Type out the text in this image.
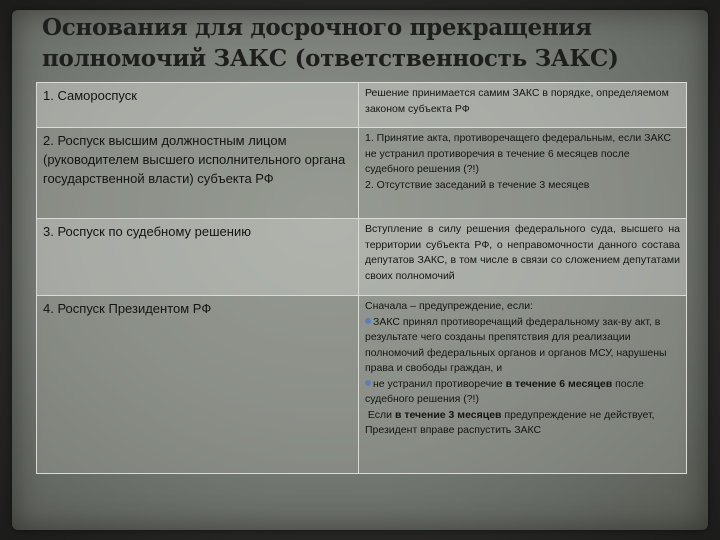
Основания для досрочного прекращения полномочий ЗАКС (ответственность ЗАКС)
1. Самороспуск	Решение принимается самим ЗАКС в порядке, определяемом законом субъекта РФ
2. Роспуск высшим должностным лицом (руководителем высшего исполнительного органа государственной власти) субъекта РФ	1. Принятие акта, противоречащего федеральным, если ЗАКС не устранил противоречия в течение 6 месяцев после судебного решения (?!)
2. Отсутствие заседаний в течение 3 месяцев

3. Роспуск по судебному решению	Вступление в силу решения федерального суда, высшего на территории субъекта РФ, о неправомочности данного состава депутатов ЗАКС, в том числе в связи со сложением депутатами своих полномочий
4. Роспуск Президентом РФ	Сначала – предупреждение, если:
ЗАКС принял противоречащий федеральному зак-ву акт, в результате чего созданы препятствия для реализации полномочий федеральных органов и органов МСУ, нарушены права и свободы граждан, и
не устранил противоречие в течение 6 месяцев после судебного решения (?!)
Если в течение 3 месяцев предупреждение не действует, Президент вправе распустить ЗАКС
